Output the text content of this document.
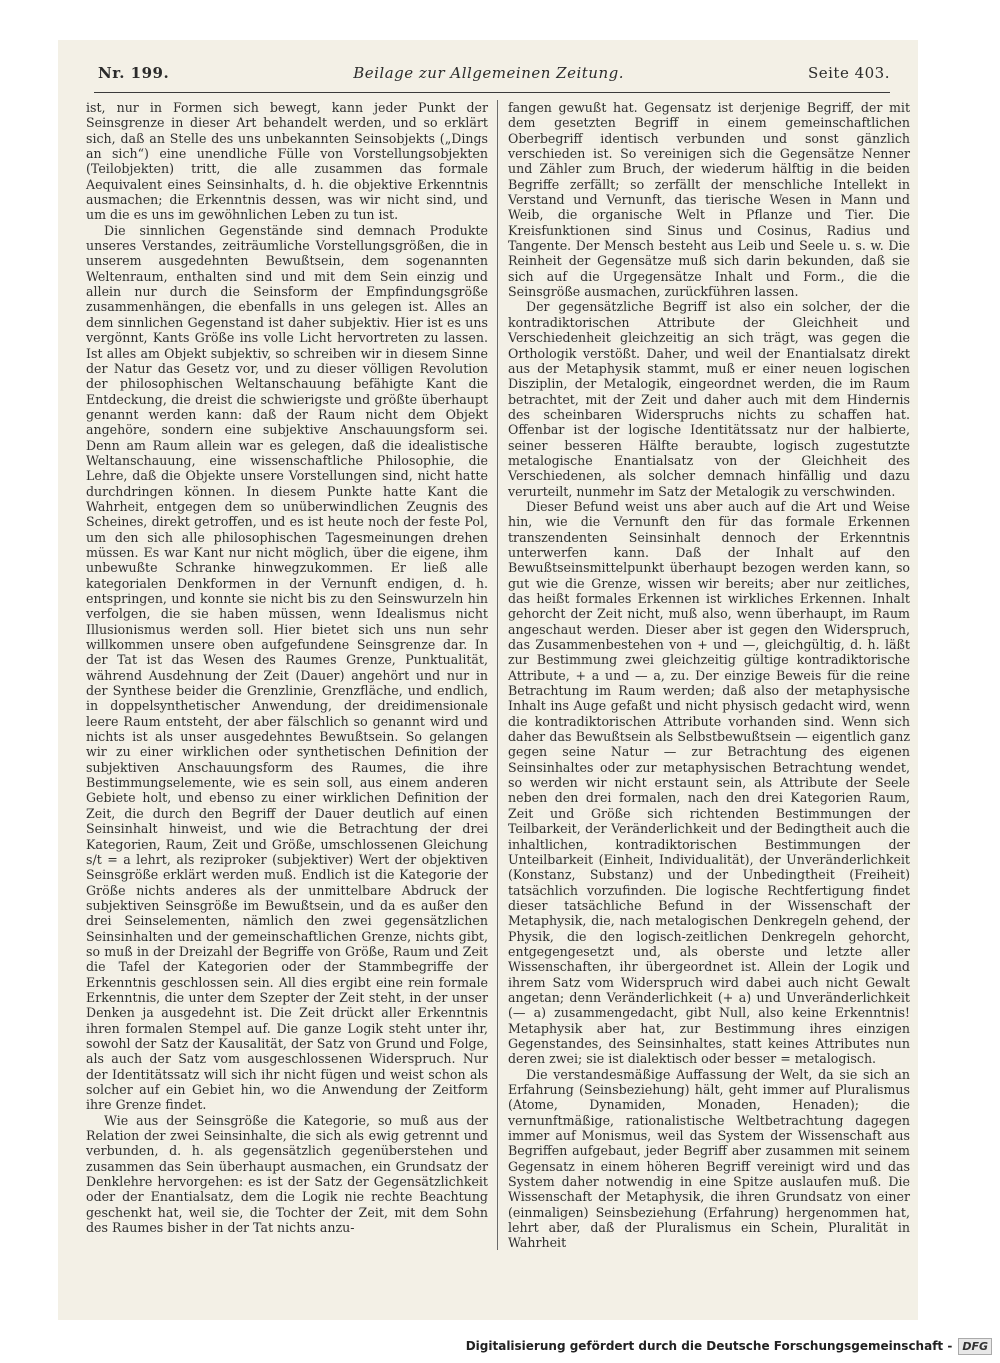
Nr. 199.	Beilage zur Allgemeinen Zeitung.	Seite 403.

ist, nur in Formen sich bewegt, kann jeder Punkt der Seinsgrenze in dieser Art behandelt werden, und so erklärt sich, daß an Stelle des uns unbekannten Seinsobjekts („Dings an sich“) eine unendliche Fülle von Vorstellungsobjekten (Teilobjekten) tritt, die alle zusammen das formale Aequivalent eines Seinsinhalts, d. h. die objektive Erkenntnis ausmachen; die Erkenntnis dessen, was wir nicht sind, und um die es uns im gewöhnlichen Leben zu tun ist.

Die sinnlichen Gegenstände sind demnach Produkte unseres Verstandes, zeiträumliche Vorstellungsgrößen, die in unserem ausgedehnten Bewußtsein, dem sogenannten Weltenraum, enthalten sind und mit dem Sein einzig und allein nur durch die Seinsform der Empfindungsgröße zusammenhängen, die ebenfalls in uns gelegen ist. Alles an dem sinnlichen Gegenstand ist daher subjektiv. Hier ist es uns vergönnt, Kants Größe ins volle Licht hervortreten zu lassen. Ist alles am Objekt subjektiv, so schreiben wir in diesem Sinne der Natur das Gesetz vor, und zu dieser völligen Revolution der philosophischen Weltanschauung befähigte Kant die Entdeckung, die dreist die schwierigste und größte überhaupt genannt werden kann: daß der Raum nicht dem Objekt angehöre, sondern eine subjektive Anschauungsform sei. Denn am Raum allein war es gelegen, daß die idealistische Weltanschauung, eine wissenschaftliche Philosophie, die Lehre, daß die Objekte unsere Vorstellungen sind, nicht hatte durchdringen können. In diesem Punkte hatte Kant die Wahrheit, entgegen dem so unüberwindlichen Zeugnis des Scheines, direkt getroffen, und es ist heute noch der feste Pol, um den sich alle philosophischen Tagesmeinungen drehen müssen. Es war Kant nur nicht möglich, über die eigene, ihm unbewußte Schranke hinwegzukommen. Er ließ alle kategorialen Denkformen in der Vernunft endigen, d. h. entspringen, und konnte sie nicht bis zu den Seinswurzeln hin verfolgen, die sie haben müssen, wenn Idealismus nicht Illusionismus werden soll. Hier bietet sich uns nun sehr willkommen unsere oben aufgefundene Seinsgrenze dar. In der Tat ist das Wesen des Raumes Grenze, Punktualität, während Ausdehnung der Zeit (Dauer) angehört und nur in der Synthese beider die Grenzlinie, Grenzfläche, und endlich, in doppelsynthetischer Anwendung, der dreidimensionale leere Raum entsteht, der aber fälschlich so genannt wird und nichts ist als unser ausgedehntes Bewußtsein. So gelangen wir zu einer wirklichen oder synthetischen Definition der subjektiven Anschauungsform des Raumes, die ihre Bestimmungselemente, wie es sein soll, aus einem anderen Gebiete holt, und ebenso zu einer wirklichen Definition der Zeit, die durch den Begriff der Dauer deutlich auf einen Seinsinhalt hinweist, und wie die Betrachtung der drei Kategorien, Raum, Zeit und Größe, umschlossenen Gleichung s/t = a lehrt, als reziproker (subjektiver) Wert der objektiven Seinsgröße erklärt werden muß. Endlich ist die Kategorie der Größe nichts anderes als der unmittelbare Abdruck der subjektiven Seinsgröße im Bewußtsein, und da es außer den drei Seinselementen, nämlich den zwei gegensätzlichen Seinsinhalten und der gemeinschaftlichen Grenze, nichts gibt, so muß in der Dreizahl der Begriffe von Größe, Raum und Zeit die Tafel der Kategorien oder der Stammbegriffe der Erkenntnis geschlossen sein. All dies ergibt eine rein formale Erkenntnis, die unter dem Szepter der Zeit steht, in der unser Denken ja ausgedehnt ist. Die Zeit drückt aller Erkenntnis ihren formalen Stempel auf. Die ganze Logik steht unter ihr, sowohl der Satz der Kausalität, der Satz von Grund und Folge, als auch der Satz vom ausgeschlossenen Widerspruch. Nur der Identitätssatz will sich ihr nicht fügen und weist schon als solcher auf ein Gebiet hin, wo die Anwendung der Zeitform ihre Grenze findet.

Wie aus der Seinsgröße die Kategorie, so muß aus der Relation der zwei Seinsinhalte, die sich als ewig getrennt und verbunden, d. h. als gegensätzlich gegenüberstehen und zusammen das Sein überhaupt ausmachen, ein Grundsatz der Denklehre hervorgehen: es ist der Satz der Gegensätzlichkeit oder der Enantialsatz, dem die Logik nie rechte Beachtung geschenkt hat, weil sie, die Tochter der Zeit, mit dem Sohn des Raumes bisher in der Tat nichts anzu-

fangen gewußt hat. Gegensatz ist derjenige Begriff, der mit dem gesetzten Begriff in einem gemeinschaftlichen Oberbegriff identisch verbunden und sonst gänzlich verschieden ist. So vereinigen sich die Gegensätze Nenner und Zähler zum Bruch, der wiederum hälftig in die beiden Begriffe zerfällt; so zerfällt der menschliche Intellekt in Verstand und Vernunft, das tierische Wesen in Mann und Weib, die organische Welt in Pflanze und Tier. Die Kreisfunktionen sind Sinus und Cosinus, Radius und Tangente. Der Mensch besteht aus Leib und Seele u. s. w. Die Reinheit der Gegensätze muß sich darin bekunden, daß sie sich auf die Urgegensätze Inhalt und Form., die die Seinsgröße ausmachen, zurückführen lassen.

Der gegensätzliche Begriff ist also ein solcher, der die kontradiktorischen Attribute der Gleichheit und Verschiedenheit gleichzeitig an sich trägt, was gegen die Orthologik verstößt. Daher, und weil der Enantialsatz direkt aus der Metaphysik stammt, muß er einer neuen logischen Disziplin, der Metalogik, eingeordnet werden, die im Raum betrachtet, mit der Zeit und daher auch mit dem Hindernis des scheinbaren Widerspruchs nichts zu schaffen hat. Offenbar ist der logische Identitätssatz nur der halbierte, seiner besseren Hälfte beraubte, logisch zugestutzte metalogische Enantialsatz von der Gleichheit des Verschiedenen, als solcher demnach hinfällig und dazu verurteilt, nunmehr im Satz der Metalogik zu verschwinden.

Dieser Befund weist uns aber auch auf die Art und Weise hin, wie die Vernunft den für das formale Erkennen transzendenten Seinsinhalt dennoch der Erkenntnis unterwerfen kann. Daß der Inhalt auf den Bewußtseinsmittelpunkt überhaupt bezogen werden kann, so gut wie die Grenze, wissen wir bereits; aber nur zeitliches, das heißt formales Erkennen ist wirkliches Erkennen. Inhalt gehorcht der Zeit nicht, muß also, wenn überhaupt, im Raum angeschaut werden. Dieser aber ist gegen den Widerspruch, das Zusammenbestehen von + und —, gleichgültig, d. h. läßt zur Bestimmung zwei gleichzeitig gültige kontradiktorische Attribute, + a und — a, zu. Der einzige Beweis für die reine Betrachtung im Raum werden; daß also der metaphysische Inhalt ins Auge gefaßt und nicht physisch gedacht wird, wenn die kontradiktorischen Attribute vorhanden sind. Wenn sich daher das Bewußtsein als Selbstbewußtsein — eigentlich ganz gegen seine Natur — zur Betrachtung des eigenen Seinsinhaltes oder zur metaphysischen Betrachtung wendet, so werden wir nicht erstaunt sein, als Attribute der Seele neben den drei formalen, nach den drei Kategorien Raum, Zeit und Größe sich richtenden Bestimmungen der Teilbarkeit, der Veränderlichkeit und der Bedingtheit auch die inhaltlichen, kontradiktorischen Bestimmungen der Unteilbarkeit (Einheit, Individualität), der Unveränderlichkeit (Konstanz, Substanz) und der Unbedingtheit (Freiheit) tatsächlich vorzufinden. Die logische Rechtfertigung findet dieser tatsächliche Befund in der Wissenschaft der Metaphysik, die, nach metalogischen Denkregeln gehend, der Physik, die den logisch-zeitlichen Denkregeln gehorcht, entgegengesetzt und, als oberste und letzte aller Wissenschaften, ihr übergeordnet ist. Allein der Logik und ihrem Satz vom Widerspruch wird dabei auch nicht Gewalt angetan; denn Veränderlichkeit (+ a) und Unveränderlichkeit (— a) zusammengedacht, gibt Null, also keine Erkenntnis! Metaphysik aber hat, zur Bestimmung ihres einzigen Gegenstandes, des Seinsinhaltes, statt keines Attributes nun deren zwei; sie ist dialektisch oder besser = metalogisch.

Die verstandesmäßige Auffassung der Welt, da sie sich an Erfahrung (Seinsbeziehung) hält, geht immer auf Pluralismus (Atome, Dynamiden, Monaden, Henaden); die vernunftmäßige, rationalistische Weltbetrachtung dagegen immer auf Monismus, weil das System der Wissenschaft aus Begriffen aufgebaut, jeder Begriff aber zusammen mit seinem Gegensatz in einem höheren Begriff vereinigt wird und das System daher notwendig in eine Spitze auslaufen muß. Die Wissenschaft der Metaphysik, die ihren Grundsatz von einer (einmaligen) Seinsbeziehung (Erfahrung) hergenommen hat, lehrt aber, daß der Pluralismus ein Schein, Pluralität in Wahrheit

Digitalisierung gefördert durch die Deutsche Forschungsgemeinschaft - DFG
